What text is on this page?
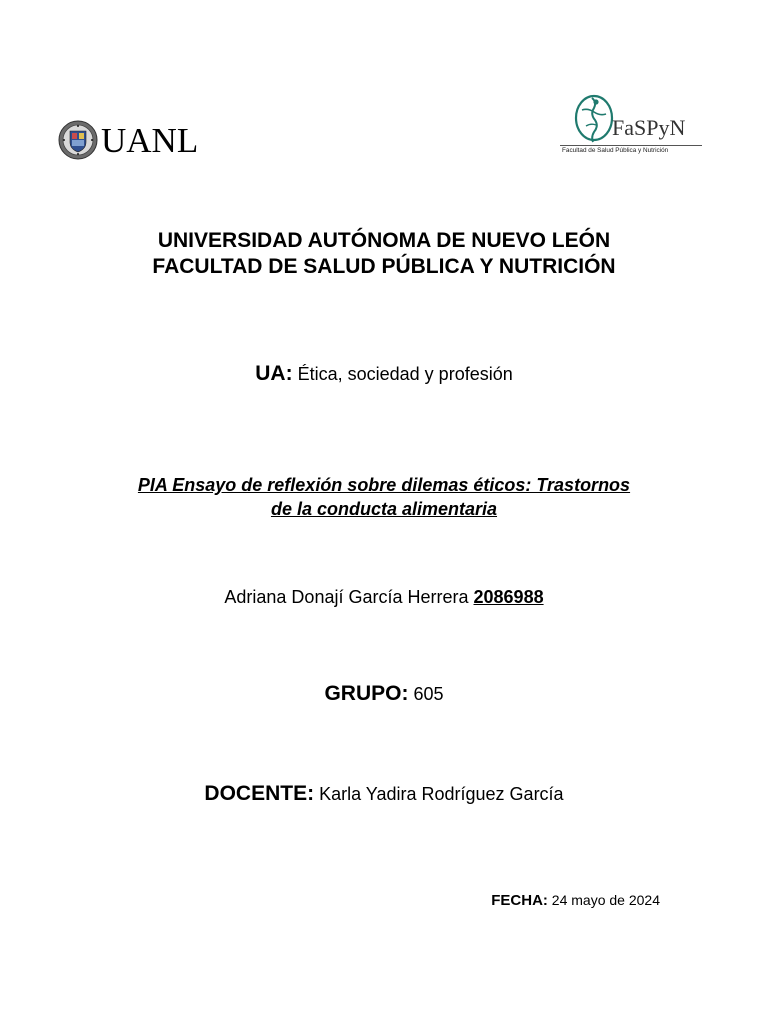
UANL	FaSPyN
Facultad de Salud Pública y Nutrición
UNIVERSIDAD AUTÓNOMA DE NUEVO LEÓN
FACULTAD DE SALUD PÚBLICA Y NUTRICIÓN
UA: Ética, sociedad y profesión
PIA Ensayo de reflexión sobre dilemas éticos: Trastornos
de la conducta alimentaria
Adriana Donají García Herrera 2086988
GRUPO: 605
DOCENTE: Karla Yadira Rodríguez García
FECHA: 24 mayo de 2024
